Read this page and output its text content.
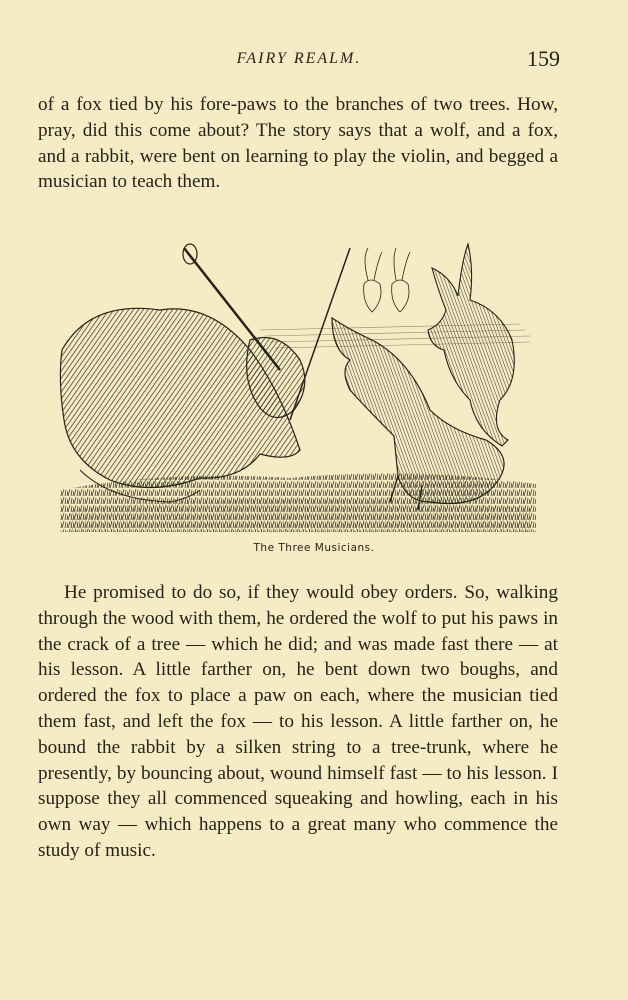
FAIRY REALM.	159

of a fox tied by his fore-paws to the branches of two trees. How, pray, did this come about? The story says that a wolf, and a fox, and a rabbit, were bent on learning to play the violin, and begged a musician to teach them.

The Three Musicians.

He promised to do so, if they would obey orders. So, walking through the wood with them, he ordered the wolf to put his paws in the crack of a tree — which he did; and was made fast there — at his lesson. A little farther on, he bent down two boughs, and ordered the fox to place a paw on each, where the musician tied them fast, and left the fox — to his lesson. A little farther on, he bound the rabbit by a silken string to a tree-trunk, where he presently, by bouncing about, wound himself fast — to his lesson. I suppose they all commenced squeaking and howling, each in his own way — which happens to a great many who commence the study of music.
